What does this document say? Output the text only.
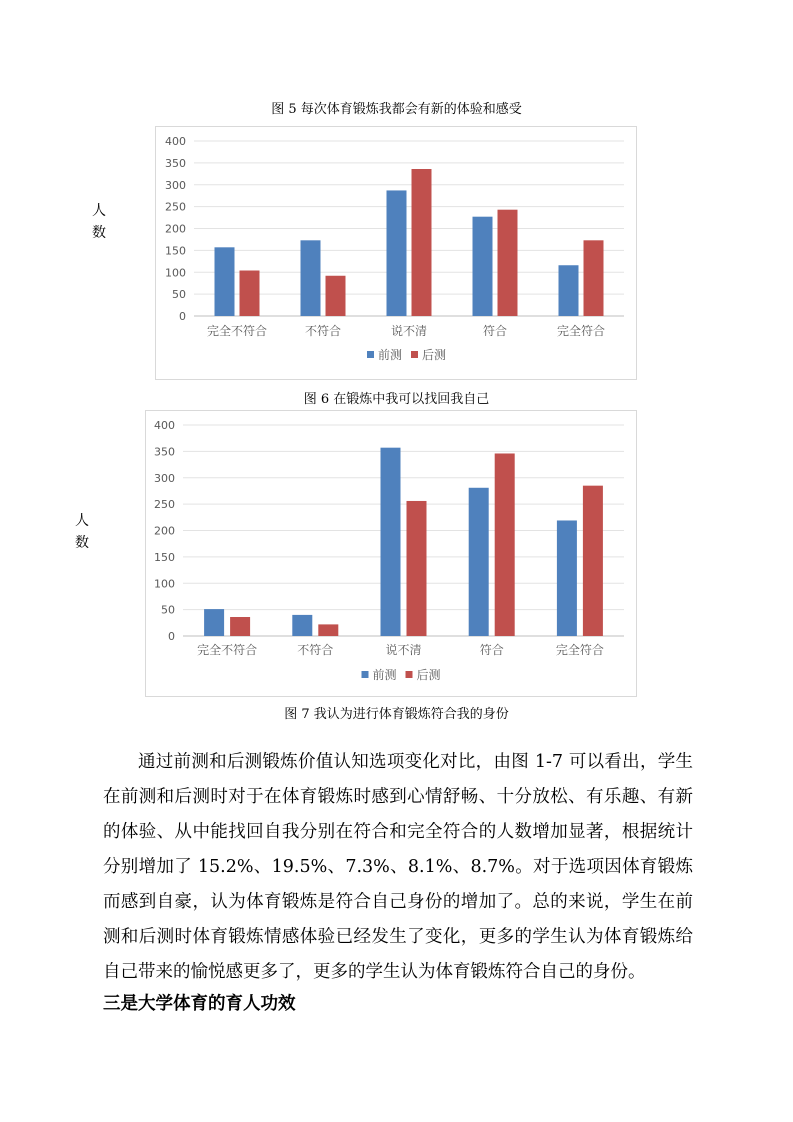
图 5 每次体育锻炼我都会有新的体验和感受
人
数
0
50
100
150
200
250
300
350
400
完全不符合	不符合	说不清	符合	完全符合
前测 后测
图 6 在锻炼中我可以找回我自己
人
数
0
50
100
150
200
250
300
350
400
完全不符合	不符合	说不清	符合	完全符合
前测 后测
图 7 我认为进行体育锻炼符合我的身份
通过前测和后测锻炼价值认知选项变化对比，由图 1-7 可以看出，学生在前测和后测时对于在体育锻炼时感到心情舒畅、十分放松、有乐趣、有新的体验、从中能找回自我分别在符合和完全符合的人数增加显著，根据统计分别增加了 15.2%、19.5%、7.3%、8.1%、8.7%。对于选项因体育锻炼而感到自豪，认为体育锻炼是符合自己身份的增加了。总的来说，学生在前测和后测时体育锻炼情感体验已经发生了变化，更多的学生认为体育锻炼给自己带来的愉悦感更多了，更多的学生认为体育锻炼符合自己的身份。
三是大学体育的育人功效
